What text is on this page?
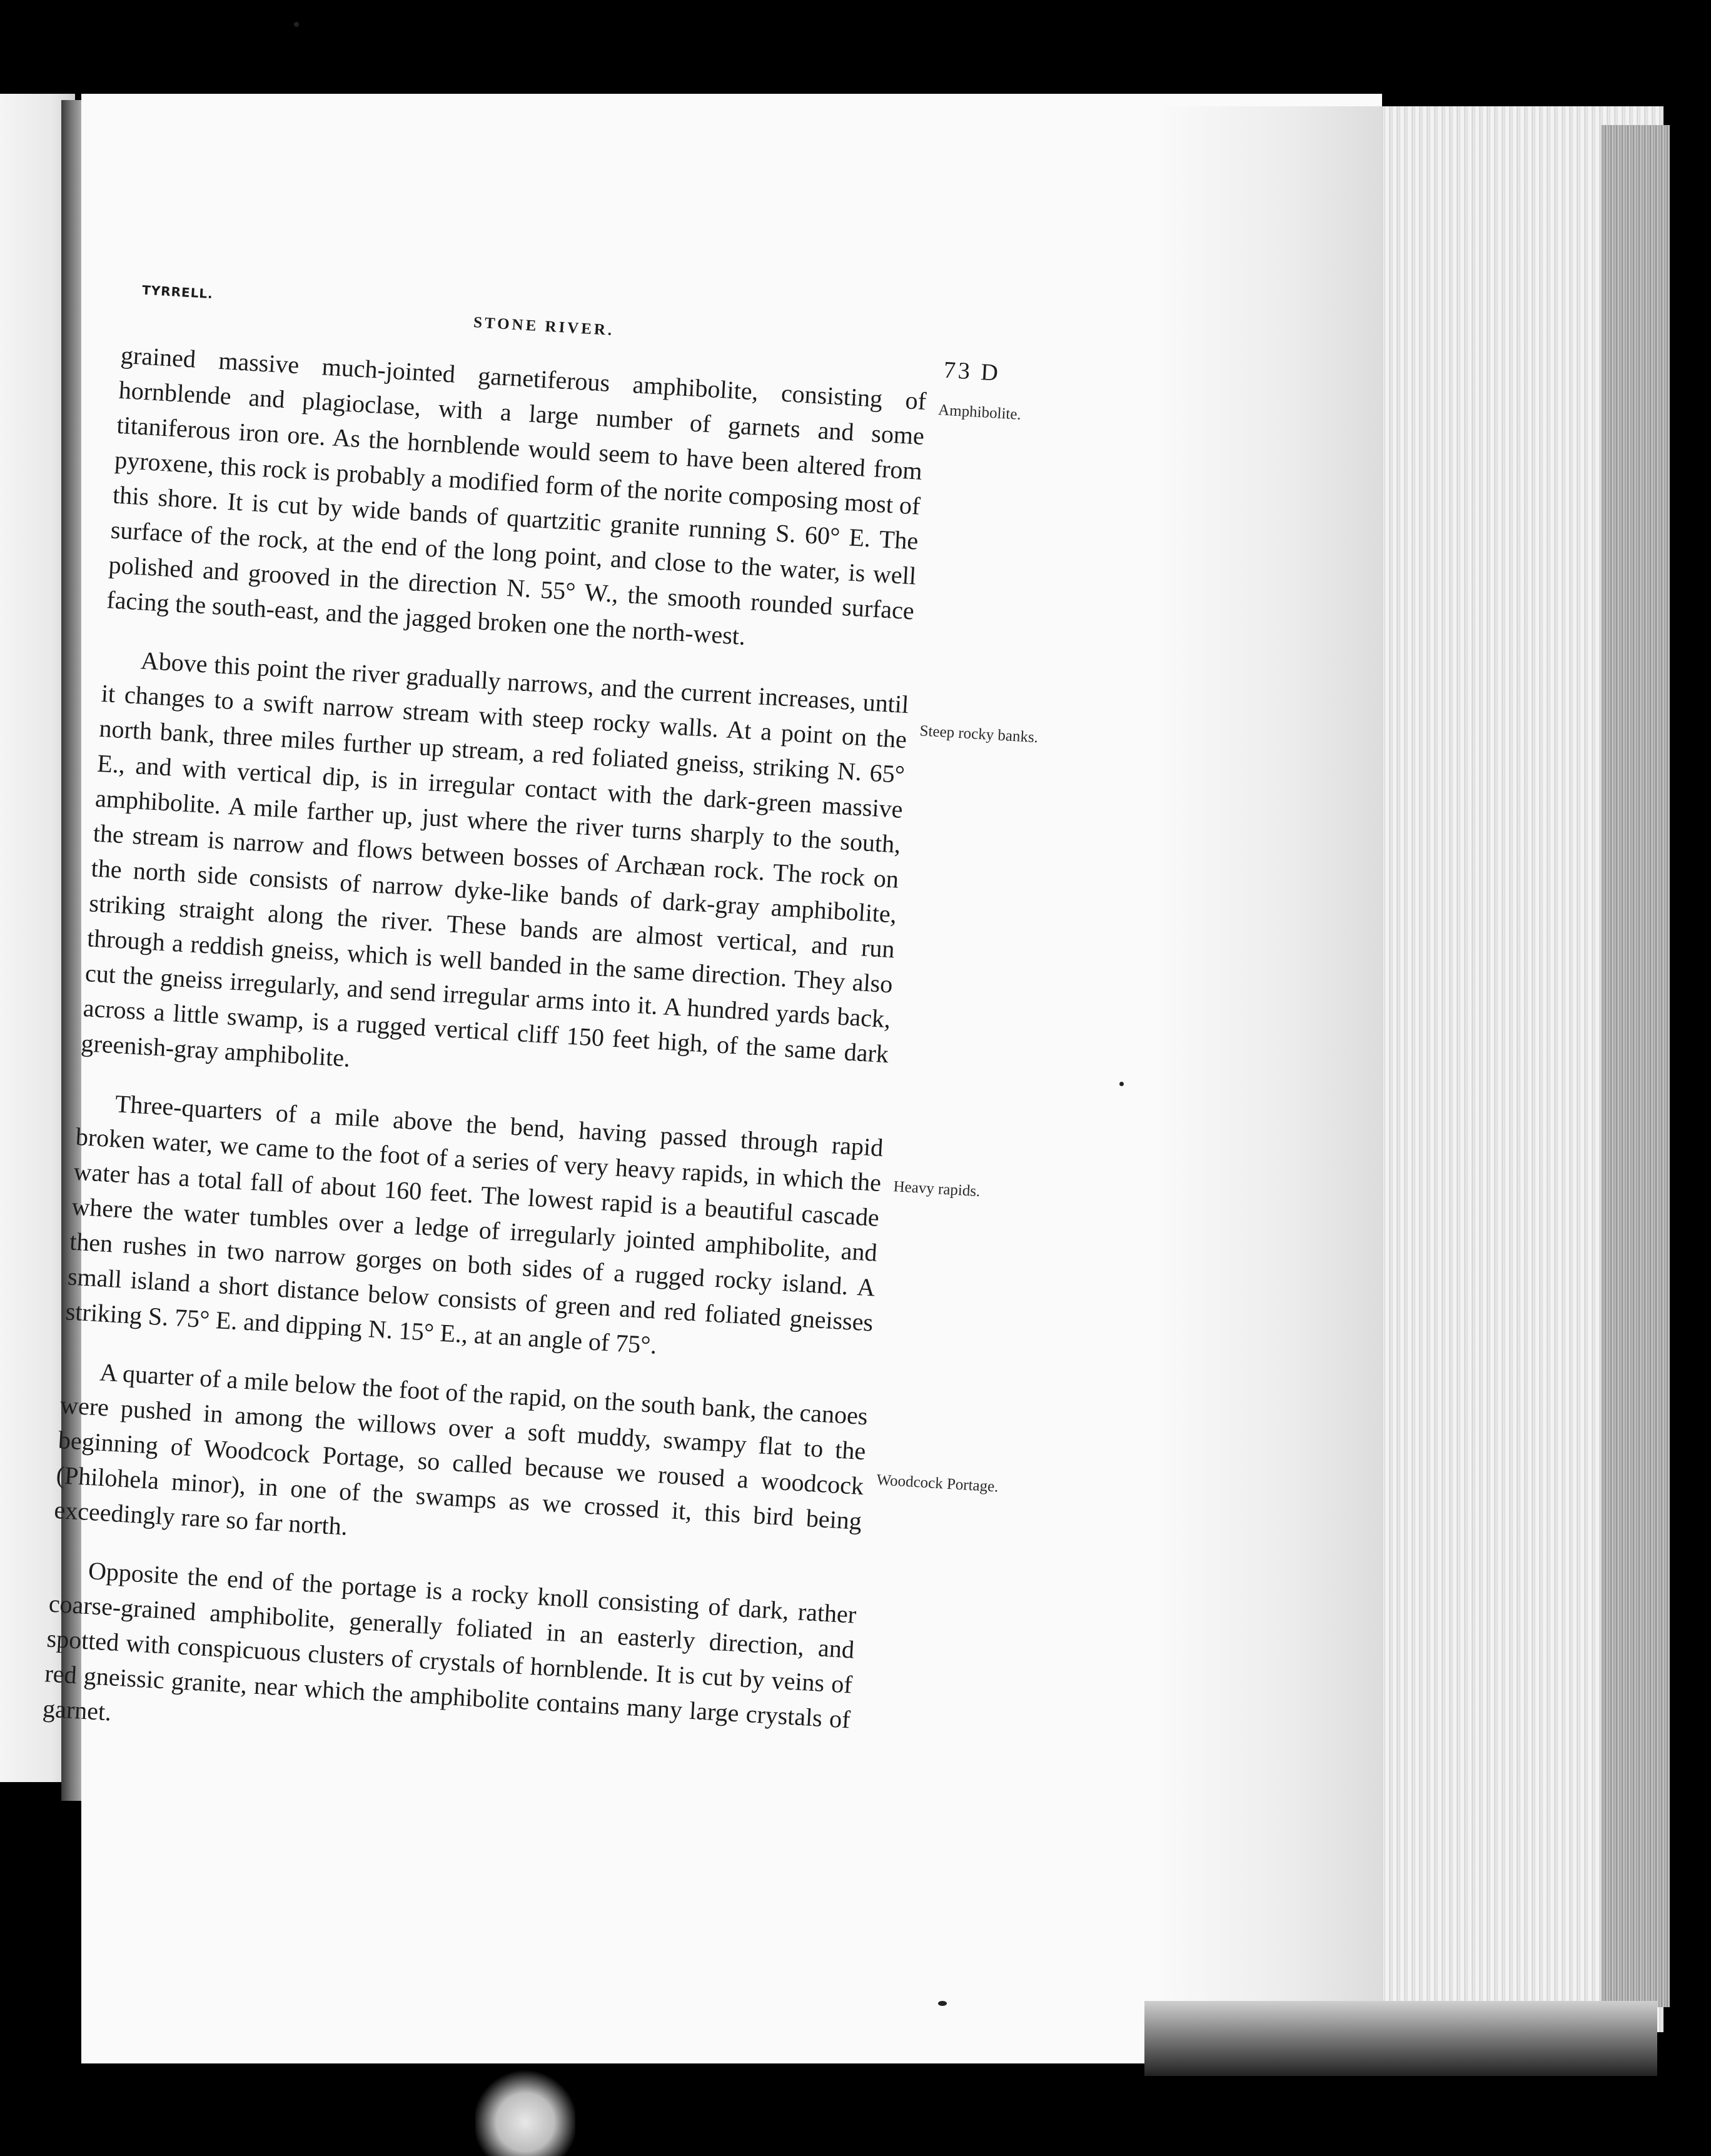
TYRRELL.
STONE RIVER.
73 D

grained massive much-jointed garnetiferous amphibolite, consisting of hornblende and plagioclase, with a large number of garnets and some titaniferous iron ore. As the hornblende would seem to have been altered from pyroxene, this rock is probably a modified form of the norite composing most of this shore. It is cut by wide bands of quartzitic granite running S. 60° E. The surface of the rock, at the end of the long point, and close to the water, is well polished and grooved in the direction N. 55° W., the smooth rounded surface facing the south-east, and the jagged broken one the north-west.

Above this point the river gradually narrows, and the current increases, until it changes to a swift narrow stream with steep rocky walls. At a point on the north bank, three miles further up stream, a red foliated gneiss, striking N. 65° E., and with vertical dip, is in irregular contact with the dark-green massive amphibolite. A mile farther up, just where the river turns sharply to the south, the stream is narrow and flows between bosses of Archæan rock. The rock on the north side consists of narrow dyke-like bands of dark-gray amphibolite, striking straight along the river. These bands are almost vertical, and run through a reddish gneiss, which is well banded in the same direction. They also cut the gneiss irregularly, and send irregular arms into it. A hundred yards back, across a little swamp, is a rugged vertical cliff 150 feet high, of the same dark greenish-gray amphibolite.

Three-quarters of a mile above the bend, having passed through rapid broken water, we came to the foot of a series of very heavy rapids, in which the water has a total fall of about 160 feet. The lowest rapid is a beautiful cascade where the water tumbles over a ledge of irregularly jointed amphibolite, and then rushes in two narrow gorges on both sides of a rugged rocky island. A small island a short distance below consists of green and red foliated gneisses striking S. 75° E. and dipping N. 15° E., at an angle of 75°.

A quarter of a mile below the foot of the rapid, on the south bank, the canoes were pushed in among the willows over a soft muddy, swampy flat to the beginning of Woodcock Portage, so called because we roused a woodcock (Philohela minor), in one of the swamps as we crossed it, this bird being exceedingly rare so far north.

Opposite the end of the portage is a rocky knoll consisting of dark, rather coarse-grained amphibolite, generally foliated in an easterly direction, and spotted with conspicuous clusters of crystals of hornblende. It is cut by veins of red gneissic granite, near which the amphibolite contains many large crystals of garnet.

Amphibolite.
Steep rocky banks.
Heavy rapids.
Woodcock Portage.
